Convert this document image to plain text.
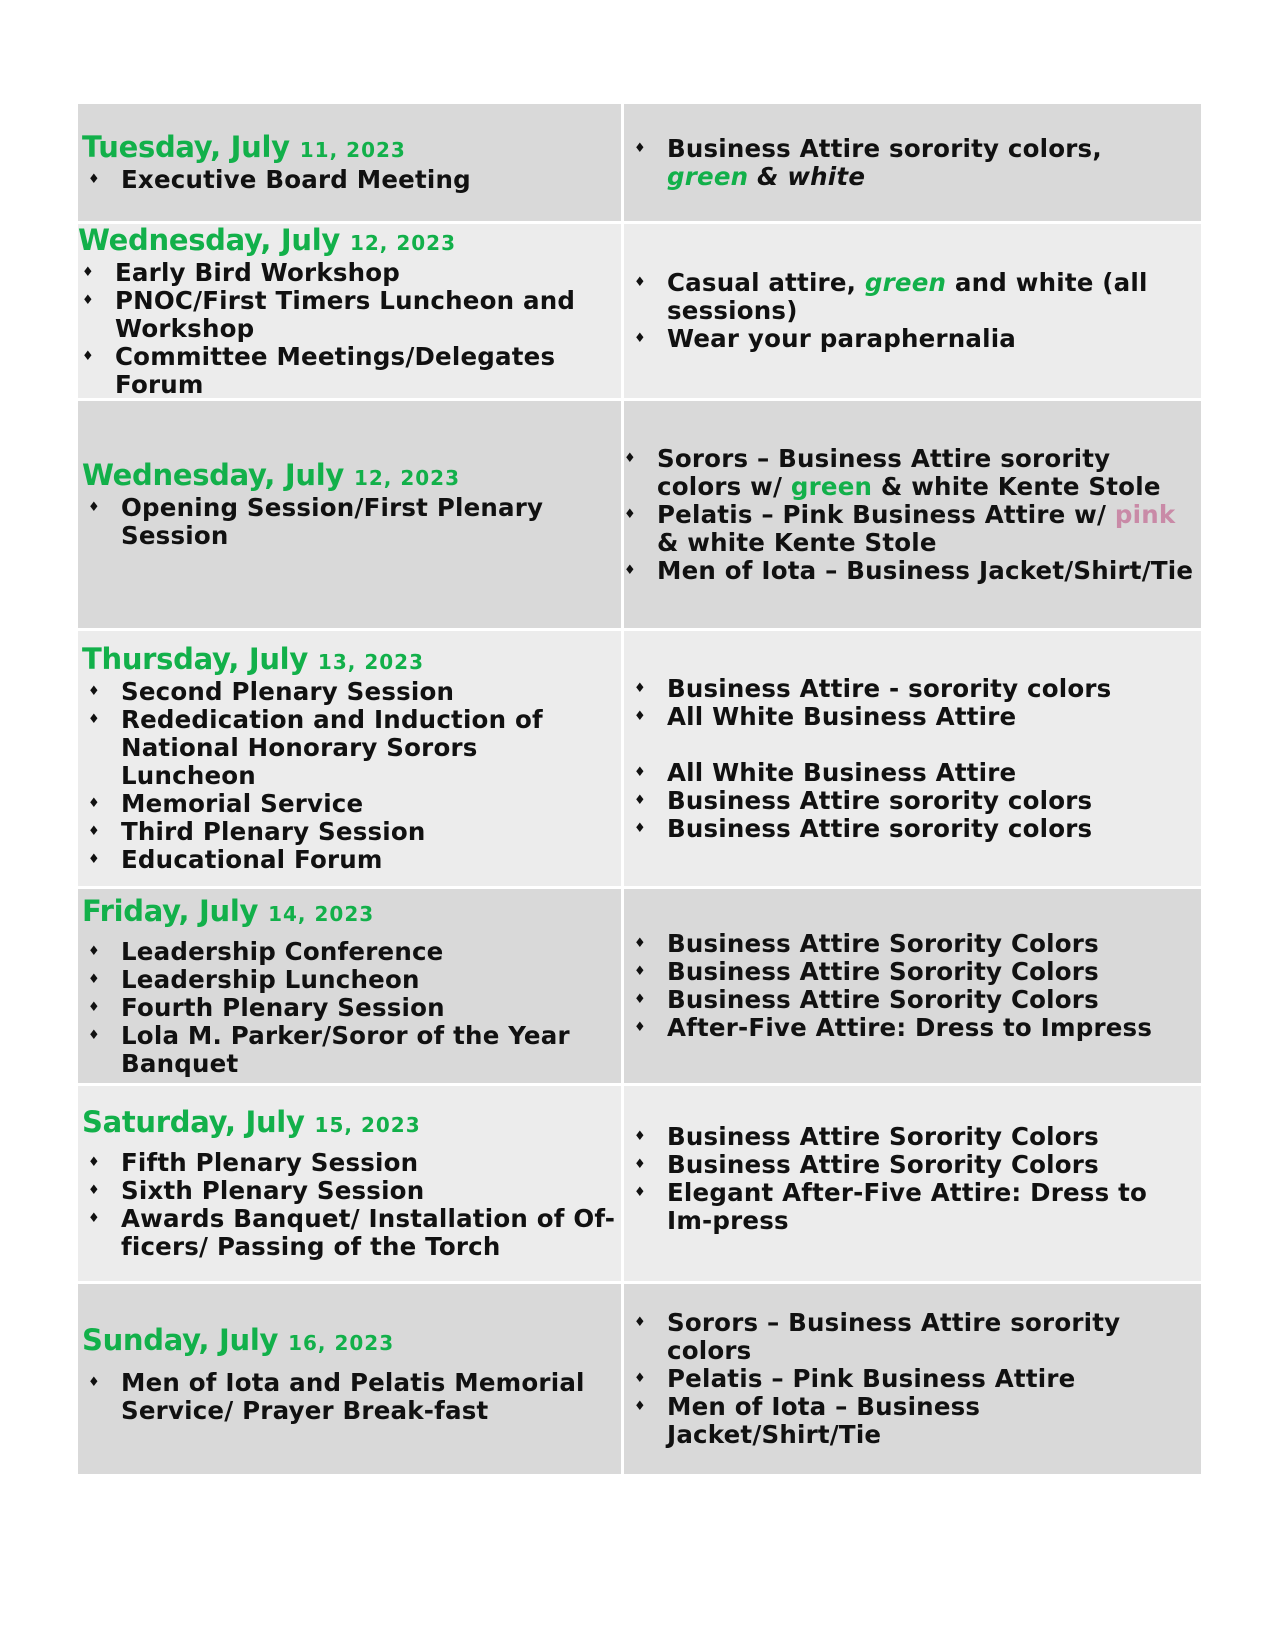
Tuesday, July 11, 2023
♦ Executive Board Meeting
♦ Business Attire sorority colors,
green & white
Wednesday, July 12, 2023
♦ Early Bird Workshop
♦ PNOC/First Timers Luncheon and Workshop
♦ Committee Meetings/Delegates Forum
♦ Casual attire, green and white (all sessions)
♦ Wear your paraphernalia
Wednesday, July 12, 2023
♦ Opening Session/First Plenary Session
♦ Sorors – Business Attire sorority colors w/ green & white Kente Stole
♦ Pelatis – Pink Business Attire w/ pink & white Kente Stole
♦ Men of Iota – Business Jacket/Shirt/Tie
Thursday, July 13, 2023
♦ Second Plenary Session
♦ Rededication and Induction of National Honorary Sorors Luncheon
♦ Memorial Service
♦ Third Plenary Session
♦ Educational Forum
♦ Business Attire - sorority colors
♦ All White Business Attire
♦ All White Business Attire
♦ Business Attire sorority colors
♦ Business Attire sorority colors
Friday, July 14, 2023
♦ Leadership Conference
♦ Leadership Luncheon
♦ Fourth Plenary Session
♦ Lola M. Parker/Soror of the Year Banquet
♦ Business Attire Sorority Colors
♦ Business Attire Sorority Colors
♦ Business Attire Sorority Colors
♦ After-Five Attire: Dress to Impress
Saturday, July 15, 2023
♦ Fifth Plenary Session
♦ Sixth Plenary Session
♦ Awards Banquet/ Installation of Of-ficers/ Passing of the Torch
♦ Business Attire Sorority Colors
♦ Business Attire Sorority Colors
♦ Elegant After-Five Attire: Dress to Im-press
Sunday, July 16, 2023
♦ Men of Iota and Pelatis Memorial Service/ Prayer Break-fast
♦ Sorors – Business Attire sorority colors
♦ Pelatis – Pink Business Attire
♦ Men of Iota – Business Jacket/Shirt/Tie
